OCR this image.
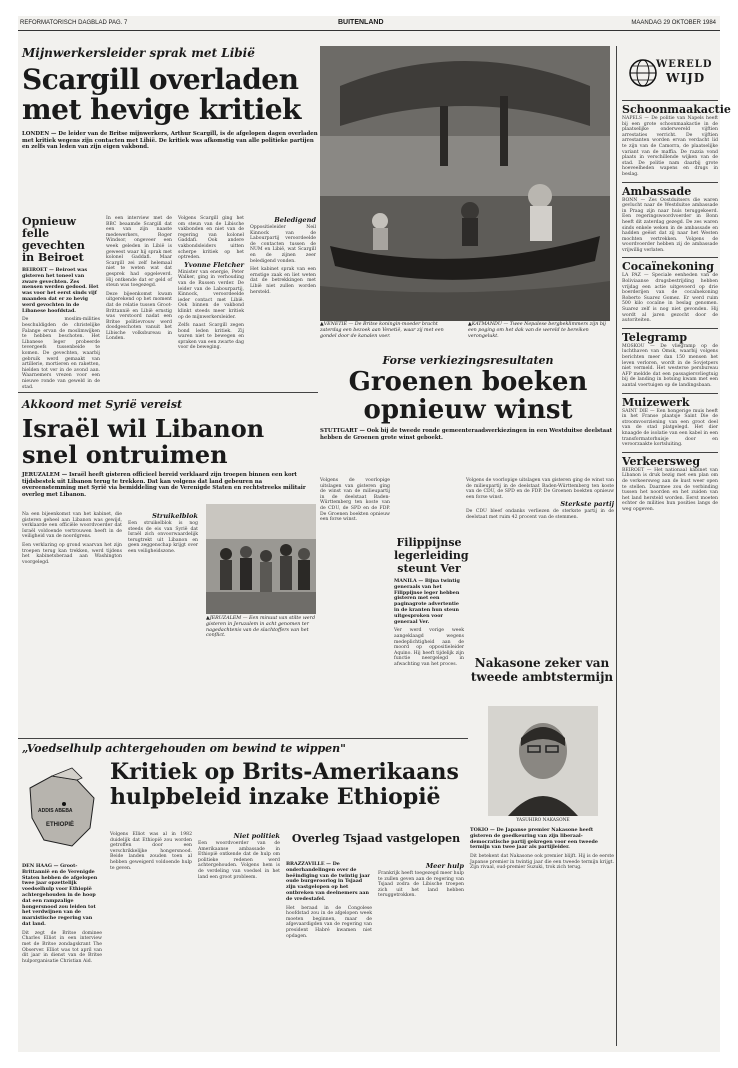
REFORMATORISCH DAGBLAD PAG. 7	BUITENLAND	MAANDAG 29 OKTOBER 1984
Mijnwerkersleider sprak met Libië
Scargill overladen
met hevige kritiek
LONDEN — De leider van de Britse mijnwerkers, Arthur Scargill, is de afgelopen dagen overladen met kritiek wegens zijn contacten met Libië. De kritiek was afkomstig van alle politieke partijen en zelfs van leden van zijn eigen vakbond.
Opnieuw felle gevechten in Beiroet
BEIROET — Beiroet was gisteren het toneel van zware gevechten. Zes mensen werden gedood. Het was voor het eerst sinds vijf maanden dat er zo hevig werd gevochten in de Libanese hoofdstad.
De moslim-milities beschuldigden de christelijke Falange ervan de moslimwijken te hebben beschoten. Het Libanese leger probeerde tevergeefs tussenbeide te komen. De gevechten, waarbij gebruik werd gemaakt van artillerie, mortieren en raketten, hielden tot ver in de avond aan. Waarnemers vrezen voor een nieuwe ronde van geweld in de stad.
In een interview met de BBC beaamde Scargill dat een van zijn naaste medewerkers, Roger Windsor, ongeveer een week geleden in Libië is geweest waar hij sprak met kolonel Gaddafi. Maar Scargill zei zelf helemaal niet te weten wat dat gesprek had opgeleverd. Hij ontkende dat er geld of steun was toegezegd.
Deze bijeenkomst kwam uitgerekend op het moment dat de relatie tussen Groot-Brittannië en Libië ernstig was verstoord nadat een Britse politievrouw werd doodgeschoten vanuit het Libische volksbureau in Londen.
Volgens Scargill ging het om steun van de Libische vakbonden en niet van de regering van kolonel Gaddafi. Ook andere vakbondsleiders uitten scherpe kritiek op het optreden.
Yvonne Fletcher
Minister van energie, Peter Walker, ging in verhouding van de Russen verder. De leider van de Labourpartij, Kinnock, veroordeelde ieder contact met Libië. Ook binnen de vakbond klinkt steeds meer kritiek op de mijnwerkersleider.
Zelfs naast Scargill zegen bond leden kritiek. Zij waren niet te bewegen en spraken van een zwarte dag voor de beweging.
Beledigend
Oppositieleider Neil Kinnock van de Labourpartij veroordeelde de contacten tussen de NUM en Libië, wat Scargill en de zijnen zeer beledigend vonden.
Het kabinet sprak van een ernstige zaak en liet weten dat de betrekkingen met Libië niet zullen worden hersteld.
▲VENETIË — De Britse koningin-moeder bracht zaterdag een bezoek aan Venetië, waar zij met een gondel door de kanalen voer.
▲KATMANDU — Twee Nepalese bergbeklimmers zijn bij een poging om het dak van de wereld te bereiken verongelukt.
WERELD
WIJD
Schoonmaakactie
NAPELS — De politie van Napels heeft bij een grote schoonmaakactie in de plaatselijke onderwereld vijftien arrestaties verricht. De vijftien arrestanten worden ervan verdacht lid te zijn van de Camorra, de plaatselijke variant van de maffia. De razzia vond plaats in verschillende wijken van de stad. De politie nam daarbij grote hoeveelheden wapens en drugs in beslag.
Ambassade
BONN — Zes Oostduitsers die waren gevlucht naar de Westduitse ambassade in Praag zijn naar huis teruggekeerd. Een regeringswoordvoerder in Bonn heeft dit zaterdag gezegd. De zes waren sinds enkele weken in de ambassade en hadden geëist dat zij naar het Westen mochten vertrekken. Volgens de woordvoerder hebben zij de ambassade vrijwillig verlaten.
Cocaïnekoning
LA PAZ — Speciale eenheden van de Boliviaanse drugsbestrijding hebben vrijdag een actie uitgevoerd op drie boerderijen van de cocaïnekoning Roberto Suarez Gomez. Er werd ruim 500 kilo cocaïne in beslag genomen. Suarez zelf is nog niet gevonden. Hij wordt al jaren gezocht door de autoriteiten.
Telegramp
MOSKOU — De vliegramp op de luchthaven van Omsk, waarbij volgens berichten meer dan 150 mensen het leven verloren, wordt in de Sovjetpers niet vermeld. Het westerse persbureau AFP meldde dat een passagiersvliegtuig bij de landing in botsing kwam met een aantal voertuigen op de landingsbaan.
Muizewerk
SAINT DIE — Een hongerige muis heeft in het Franse plaatsje Saint Die de stroomvoorziening van een groot deel van de stad platgelegd. Het dier knaagde de isolatie van een kabel in een transformatorhuisje door en veroorzaakte kortsluiting.
Verkeersweg
BEIROET — Het nationaal kabinet van Libanon is druk bezig met een plan om de verkeersweg aan de kust weer open te stellen. Daarmee zou de verbinding tussen het noorden en het zuiden van het land hersteld worden. Eerst moeten echter de milities hun posities langs de weg opgeven.
Akkoord met Syrië vereist
Israël wil Libanon
snel ontruimen
JERUZALEM — Israël heeft gisteren officieel bereid verklaard zijn troepen binnen een kort tijdsbestek uit Libanon terug te trekken. Dat kan volgens dat land gebeuren na overeenstemming met Syrië via bemiddeling van de Verenigde Staten en rechtstreeks militair overleg met Libanon.
Na een bijeenkomst van het kabinet, die gisteren geheel aan Libanon was gewijd, verklaarde een officiële woordvoerder dat Israël voldoende vertrouwen heeft in de veiligheid van de noordgrens.
Een verklaring op grond waarvan het zijn troepen terug kan trekken, werd tijdens het kabinetsberaad aan Washington voorgelegd.
Struikelblok
Een struikelblok is nog steeds de eis van Syrië dat Israël zich onvoorwaardelijk terugtrekt uit Libanon en geen zeggenschap krijgt over een veiligheidszone.
▲JERUZALEM — Een minuut van stilte werd gisteren in Jeruzalem in acht genomen ter nagedachtenis van de slachtoffers van het conflict.
Forse verkiezingsresultaten
Groenen boeken
opnieuw winst
STUTTGART — Ook bij de tweede ronde gemeenteraadsverkiezingen in een Westduitse deelstaat hebben de Groenen grote winst geboekt.
Volgens de voorlopige uitslagen van gisteren ging de winst van de milieupartij in de deelstaat Baden-Württemberg ten koste van de CDU, de SPD en de FDP. De Groenen boekten opnieuw een forse winst.
Volgens de voorlopige uitslagen van gisteren ging de winst van de milieupartij in de deelstaat Baden-Württemberg ten koste van de CDU, de SPD en de FDP. De Groenen boekten opnieuw een forse winst.
Sterkste partij
De CDU bleef ondanks verliezen de sterkste partij in de deelstaat met ruim 42 procent van de stemmen.
Filippijnse legerleiding steunt Ver
MANILA — Bijna twintig generaals van het Filippijnse leger hebben gisteren met een paginagrote advertentie in de kranten hun steun uitgesproken voor generaal Ver.
Ver werd vorige week aangeklaagd wegens medeplichtigheid aan de moord op oppositieleider Aquino. Hij heeft tijdelijk zijn functie neergelegd in afwachting van het proces.	Nakasone zeker van tweede ambtstermijn
YASUHIRO NAKASONE
TOKIO — De Japanse premier Nakasone heeft gisteren de goedkeuring van zijn liberaal-democratische partij gekregen voor een tweede termijn van twee jaar als partijleider.
Dit betekent dat Nakasone ook premier blijft. Hij is de eerste Japanse premier in twintig jaar die een tweede termijn krijgt. Zijn rivaal, oud-premier Suzuki, trok zich terug.
„Voedselhulp achtergehouden om bewind te wippen"
ADDIS ABEBA
ETHIOPIË
Kritiek op Brits-Amerikaans
hulpbeleid inzake Ethiopië
DEN HAAG — Groot-Brittannië en de Verenigde Staten hebben de afgelopen twee jaar opzettelijk voedselhulp voor Ethiopië achtergehouden in de hoop dat een rampzalige hongersnood zou leiden tot het verdwijnen van de marxistische regering van dat land.
Dit zegt de Britse dominee Charles Elliot in een interview met de Britse zondagskrant The Observer. Elliot was tot april van dit jaar in dienst van de Britse hulporganisatie Christian Aid.
Volgens Elliot was al in 1982 duidelijk dat Ethiopië zou worden getroffen door een verschrikkelijke hongersnood. Beide landen zouden toen al hebben geweigerd voldoende hulp te geven.
Niet politiek
Een woordvoerder van de Amerikaanse ambassade in Ethiopië ontkende dat de hulp om politieke redenen werd achtergehouden. Volgens hem is de verdeling van voedsel in het land een groot probleem.
Overleg Tsjaad vastgelopen
BRAZZAVILLE — De onderhandelingen over de beëindiging van de twintig jaar oude burgeroorlog in Tsjaad zijn vastgelopen op het ontbreken van deelnemers aan de vredestafel.
Het beraad in de Congolese hoofdstad zou in de afgelopen week moeten beginnen, maar de afgevaardigden van de regering van president Habré kwamen niet opdagen.
Meer hulp
Frankrijk heeft toegezegd meer hulp te zullen geven aan de regering van Tsjaad zodra de Libische troepen zich uit het land hebben teruggetrokken.
